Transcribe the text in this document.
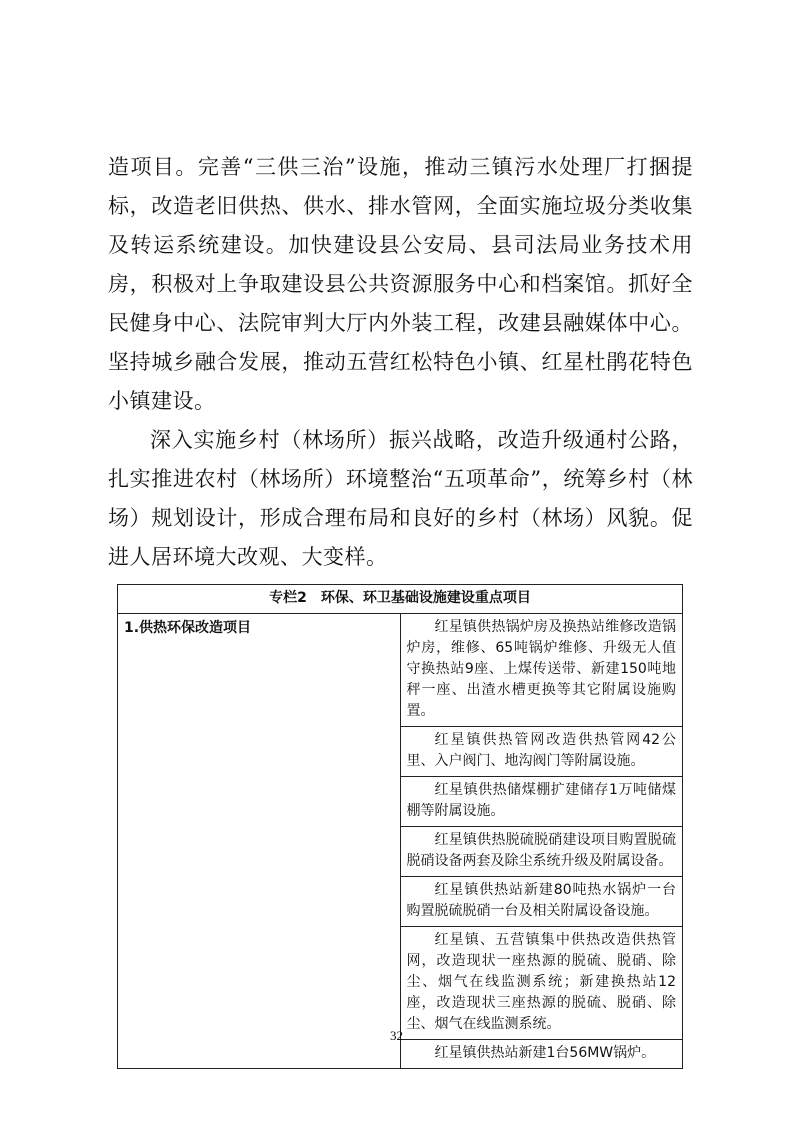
造项目。完善“三供三治”设施，推动三镇污水处理厂打捆提标，改造老旧供热、供水、排水管网，全面实施垃圾分类收集及转运系统建设。加快建设县公安局、县司法局业务技术用房，积极对上争取建设县公共资源服务中心和档案馆。抓好全民健身中心、法院审判大厅内外装工程，改建县融媒体中心。坚持城乡融合发展，推动五营红松特色小镇、红星杜鹃花特色小镇建设。

深入实施乡村（林场所）振兴战略，改造升级通村公路，扎实推进农村（林场所）环境整治“五项革命”，统筹乡村（林场）规划设计，形成合理布局和良好的乡村（林场）风貌。促进人居环境大改观、大变样。

专栏2　环保、环卫基础设施建设重点项目
1.供热环保改造项目	红星镇供热锅炉房及换热站维修改造锅炉房，维修、65吨锅炉维修、升级无人值守换热站9座、上煤传送带、新建150吨地秤一座、出渣水槽更换等其它附属设施购置。
红星镇供热管网改造供热管网42公里、入户阀门、地沟阀门等附属设施。
红星镇供热储煤棚扩建储存1万吨储煤棚等附属设施。
红星镇供热脱硫脱硝建设项目购置脱硫脱硝设备两套及除尘系统升级及附属设备。
红星镇供热站新建80吨热水锅炉一台购置脱硫脱硝一台及相关附属设备设施。
红星镇、五营镇集中供热改造供热管网，改造现状一座热源的脱硫、脱硝、除尘、烟气在线监测系统；新建换热站12座，改造现状三座热源的脱硫、脱硝、除尘、烟气在线监测系统。
红星镇供热站新建1台56MW锅炉。
32
